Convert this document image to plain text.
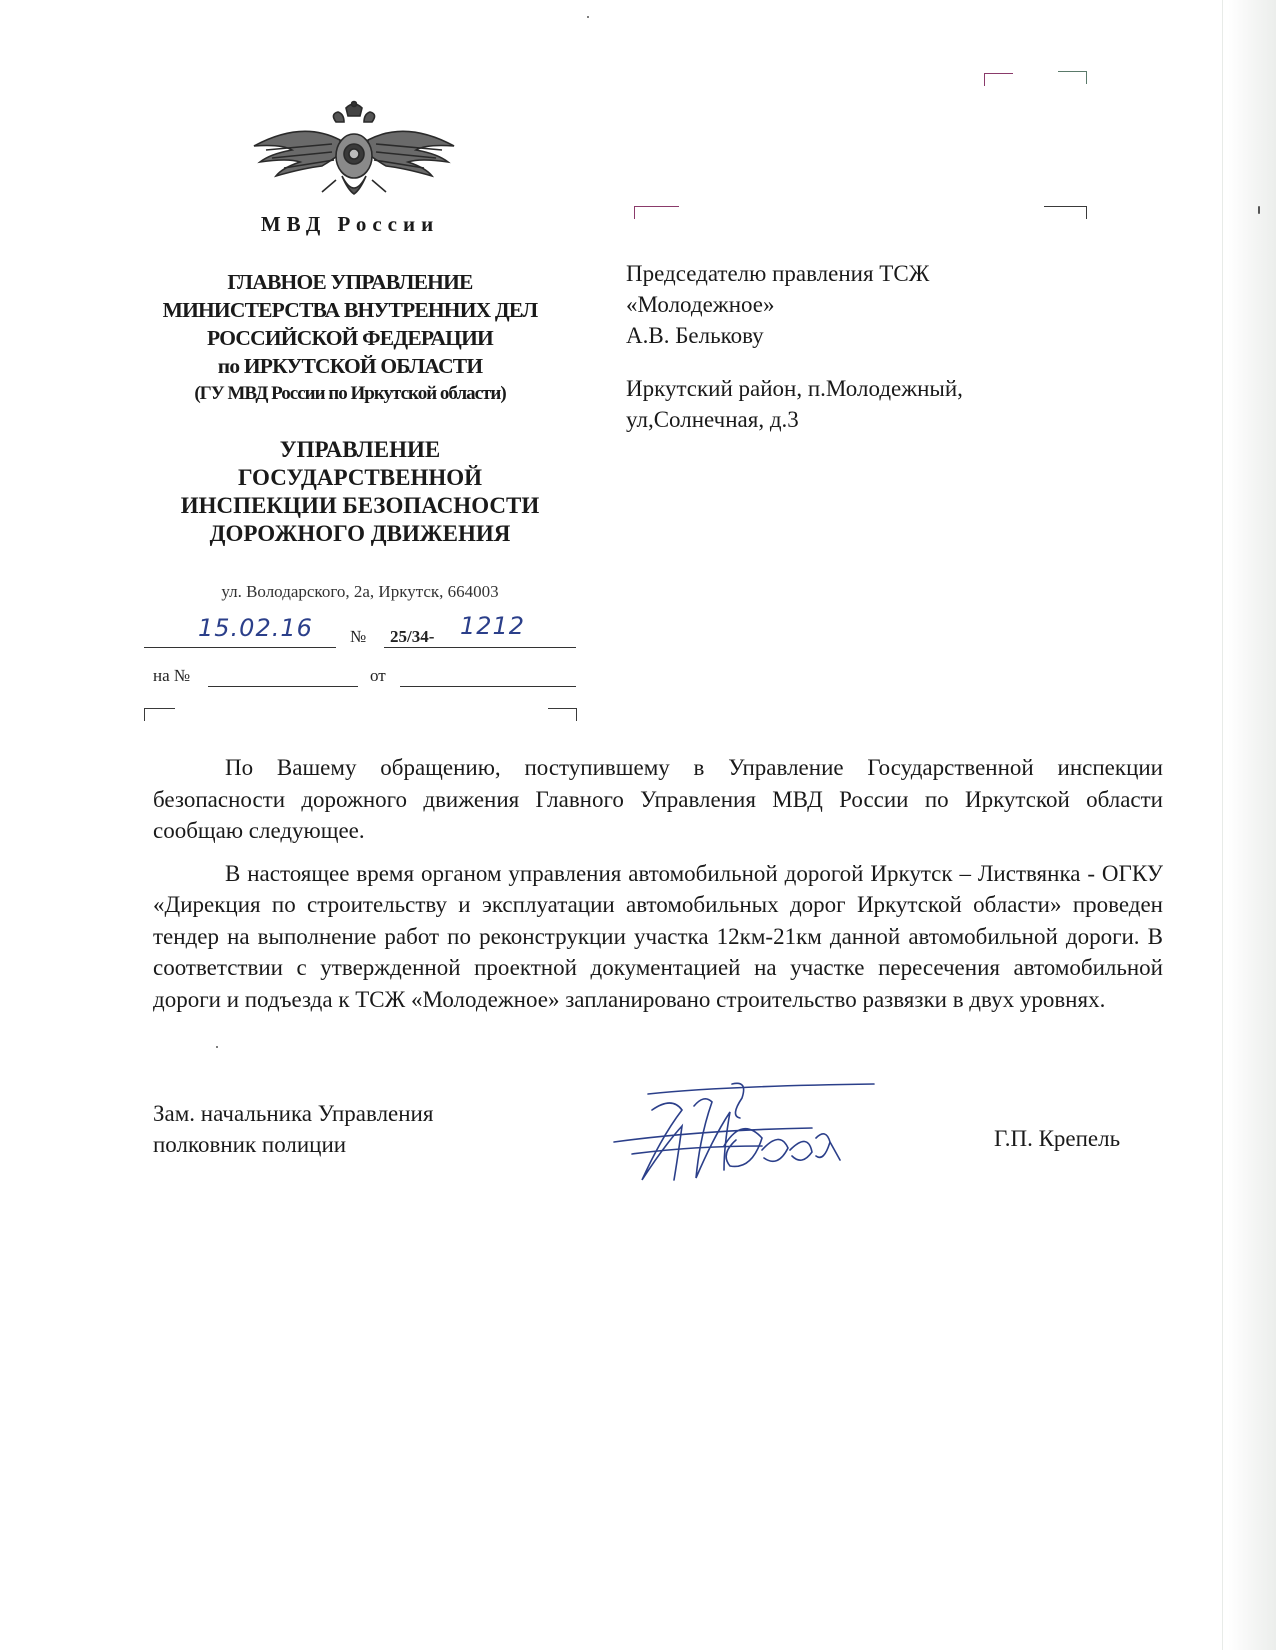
МВД России
ГЛАВНОЕ УПРАВЛЕНИЕ
МИНИСТЕРСТВА ВНУТРЕННИХ ДЕЛ
РОССИЙСКОЙ ФЕДЕРАЦИИ
по ИРКУТСКОЙ ОБЛАСТИ
(ГУ МВД России по Иркутской области)
УПРАВЛЕНИЕ
ГОСУДАРСТВЕННОЙ
ИНСПЕКЦИИ БЕЗОПАСНОСТИ
ДОРОЖНОГО ДВИЖЕНИЯ
ул. Володарского, 2а, Иркутск, 664003
15.02.16 № 25/34- 1212
на №	от
Председателю правления ТСЖ
«Молодежное»
А.В. Белькову
Иркутский район, п.Молодежный,
ул,Солнечная, д.3

По Вашему обращению, поступившему в Управление Государственной инспекции безопасности дорожного движения Главного Управления МВД России по Иркутской области сообщаю следующее.

В настоящее время органом управления автомобильной дорогой Иркутск – Листвянка - ОГКУ «Дирекция по строительству и эксплуатации автомобильных дорог Иркутской области» проведен тендер на выполнение работ по реконструкции участка 12км-21км данной автомобильной дороги. В соответствии с утвержденной проектной документацией на участке пересечения автомобильной дороги и подъезда к ТСЖ «Молодежное» запланировано строительство развязки в двух уровнях.

Зам. начальника Управления
полковник полиции	Г.П. Крепель
